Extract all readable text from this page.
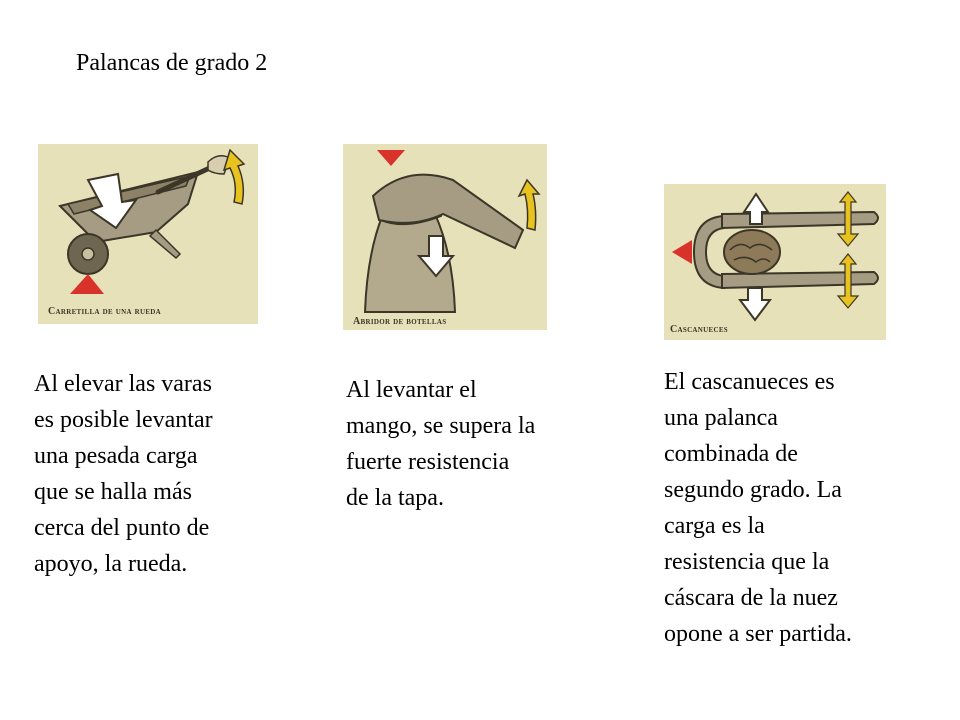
Palancas de grado 2
Carretilla de una rueda
Abridor de botellas
Cascanueces
Al elevar las varas
es posible levantar
una pesada carga
que se halla más
cerca del punto de
apoyo, la rueda.
Al levantar el
mango, se supera la
fuerte resistencia
de la tapa.
El cascanueces es
una palanca
combinada de
segundo grado. La
carga es la
resistencia que la
cáscara de la nuez
opone a ser partida.
